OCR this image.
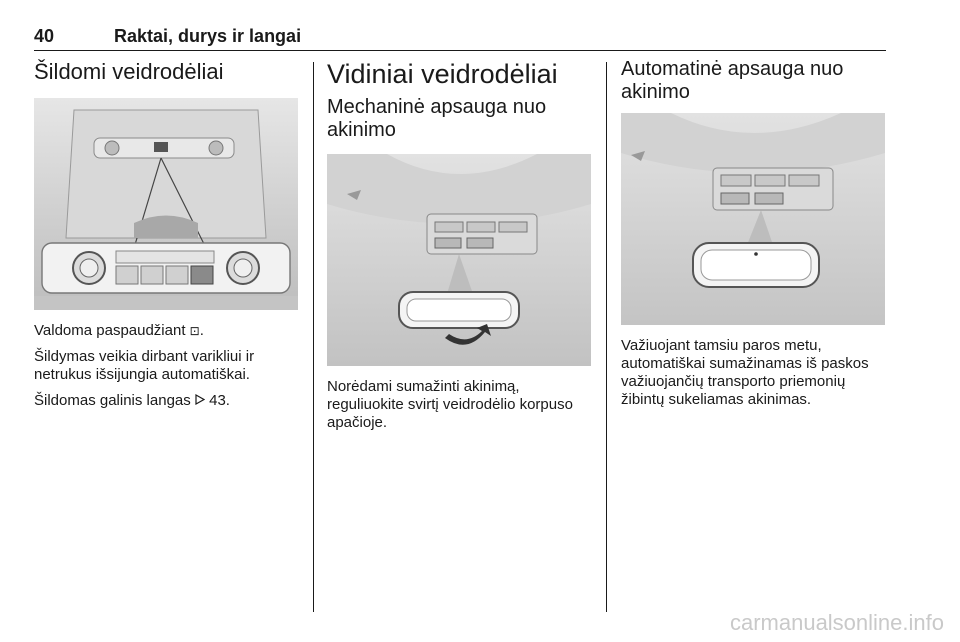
40	Raktai, durys ir langai
Šildomi veidrodėliai

Valdoma paspaudžiant ⊡.

Šildymas veikia dirbant varikliui ir netrukus išsijungia automatiškai.

Šildomas galinis langas 43.

Vidiniai veidrodėliai
Mechaninė apsauga nuo akinimo

Norėdami sumažinti akinimą, reguliuokite svirtį veidrodėlio korpuso apačioje.

Automatinė apsauga nuo akinimo

Važiuojant tamsiu paros metu, automatiškai sumažinamas iš paskos važiuojančių transporto priemonių žibintų sukeliamas akinimas.

carmanualsonline.info
